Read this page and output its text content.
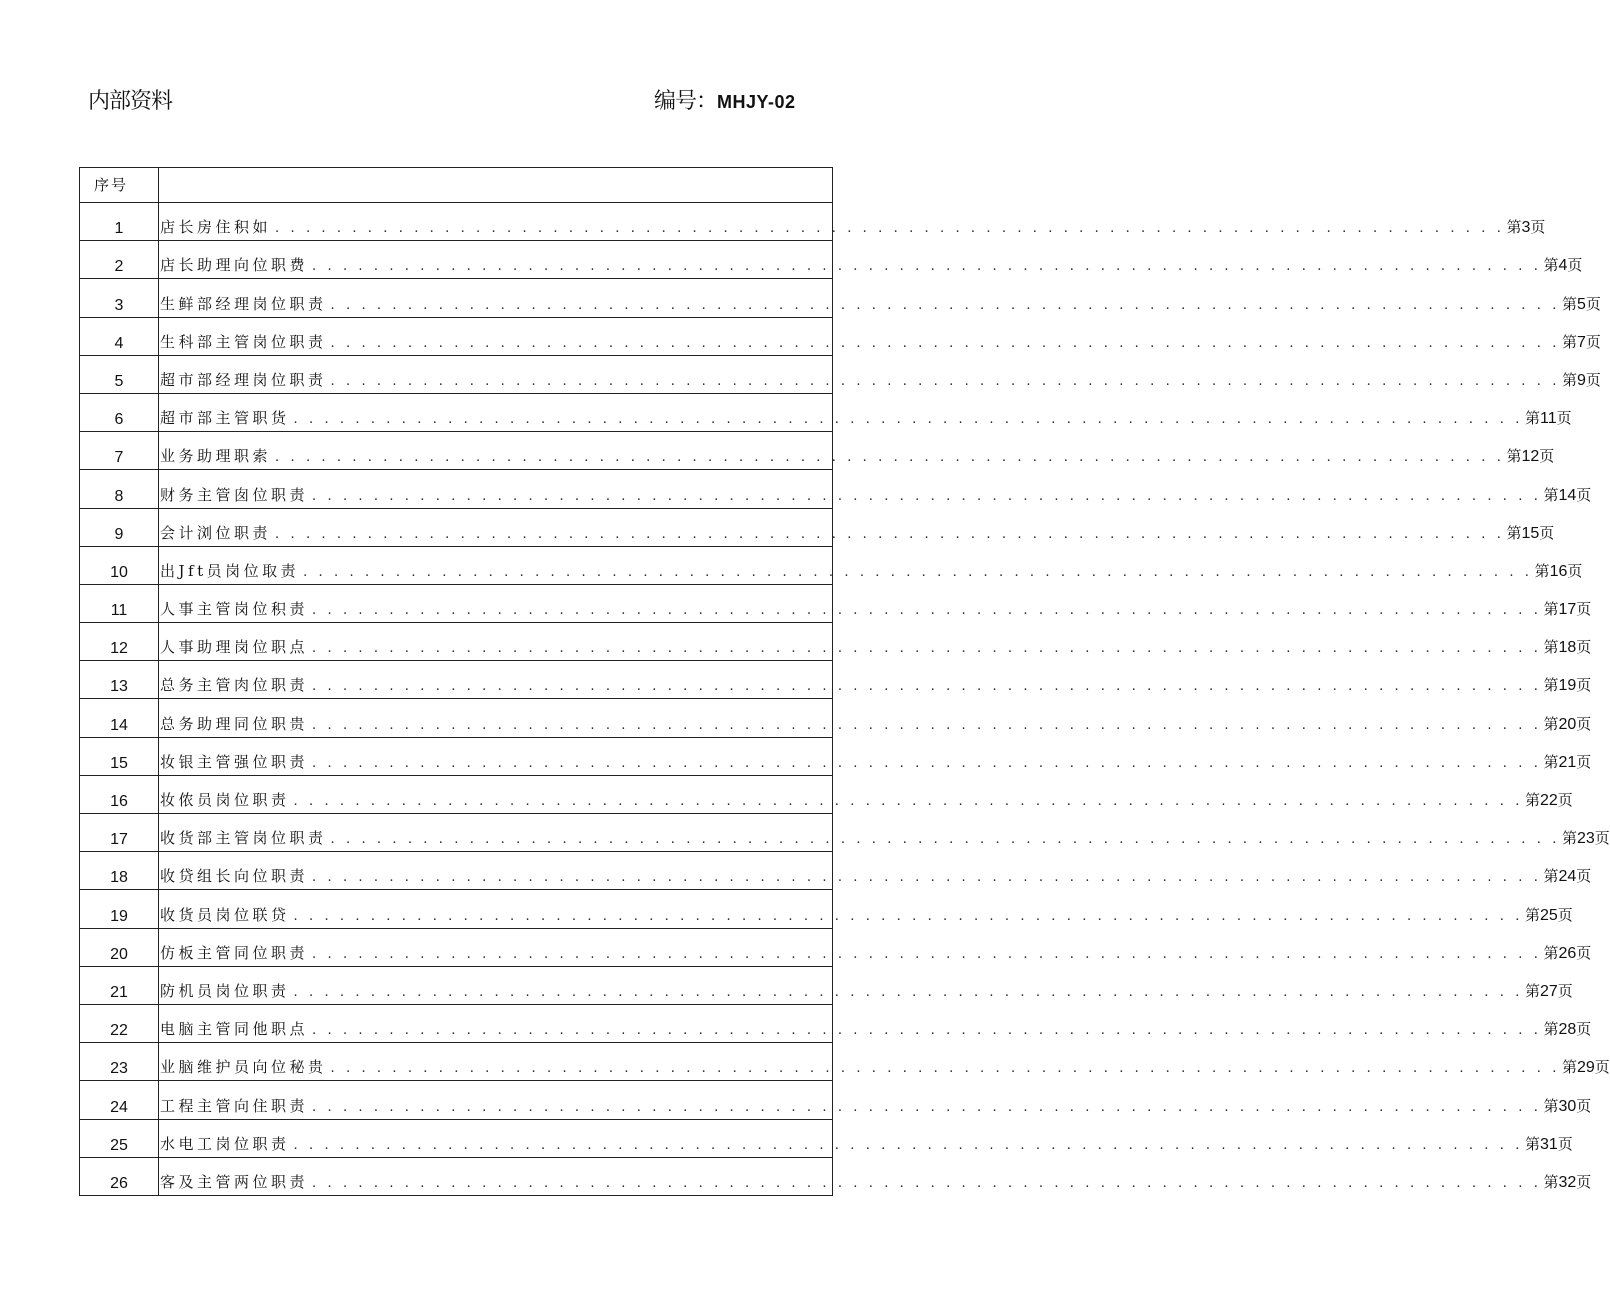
内部资料	编号：MHJY-02
序号	
1	店长房住积如 . . . . . . . . . . . . . . . . . . . . . . . . . . . . . . . . . . . . . . . . . . . . . . . . . . . . . . . . . . . . . . . . . . . . . . . . . . . . . . . . 第3页

2	店长助理向位职费 . . . . . . . . . . . . . . . . . . . . . . . . . . . . . . . . . . . . . . . . . . . . . . . . . . . . . . . . . . . . . . . . . . . . . . . . . . . . . . . . 第4页

3	生鲜部经理岗位职责 . . . . . . . . . . . . . . . . . . . . . . . . . . . . . . . . . . . . . . . . . . . . . . . . . . . . . . . . . . . . . . . . . . . . . . . . . . . . . . . . 第5页

4	生科部主管岗位职责 . . . . . . . . . . . . . . . . . . . . . . . . . . . . . . . . . . . . . . . . . . . . . . . . . . . . . . . . . . . . . . . . . . . . . . . . . . . . . . . . 第7页

5	超市部经理岗位职责 . . . . . . . . . . . . . . . . . . . . . . . . . . . . . . . . . . . . . . . . . . . . . . . . . . . . . . . . . . . . . . . . . . . . . . . . . . . . . . . . 第9页

6	超市部主管职货 . . . . . . . . . . . . . . . . . . . . . . . . . . . . . . . . . . . . . . . . . . . . . . . . . . . . . . . . . . . . . . . . . . . . . . . . . . . . . . . . 第11页

7	业务助理职索 . . . . . . . . . . . . . . . . . . . . . . . . . . . . . . . . . . . . . . . . . . . . . . . . . . . . . . . . . . . . . . . . . . . . . . . . . . . . . . . . 第12页

8	财务主管囱位职责 . . . . . . . . . . . . . . . . . . . . . . . . . . . . . . . . . . . . . . . . . . . . . . . . . . . . . . . . . . . . . . . . . . . . . . . . . . . . . . . . 第14页

9	会计浏位职责 . . . . . . . . . . . . . . . . . . . . . . . . . . . . . . . . . . . . . . . . . . . . . . . . . . . . . . . . . . . . . . . . . . . . . . . . . . . . . . . . 第15页

10	出Jft员岗位取责 . . . . . . . . . . . . . . . . . . . . . . . . . . . . . . . . . . . . . . . . . . . . . . . . . . . . . . . . . . . . . . . . . . . . . . . . . . . . . . . . 第16页

11	人事主管岗位积责 . . . . . . . . . . . . . . . . . . . . . . . . . . . . . . . . . . . . . . . . . . . . . . . . . . . . . . . . . . . . . . . . . . . . . . . . . . . . . . . . 第17页

12	人事助理岗位职点 . . . . . . . . . . . . . . . . . . . . . . . . . . . . . . . . . . . . . . . . . . . . . . . . . . . . . . . . . . . . . . . . . . . . . . . . . . . . . . . . 第18页

13	总务主管肉位职责 . . . . . . . . . . . . . . . . . . . . . . . . . . . . . . . . . . . . . . . . . . . . . . . . . . . . . . . . . . . . . . . . . . . . . . . . . . . . . . . . 第19页

14	总务助理同位职贵 . . . . . . . . . . . . . . . . . . . . . . . . . . . . . . . . . . . . . . . . . . . . . . . . . . . . . . . . . . . . . . . . . . . . . . . . . . . . . . . . 第20页

15	妆银主管强位职责 . . . . . . . . . . . . . . . . . . . . . . . . . . . . . . . . . . . . . . . . . . . . . . . . . . . . . . . . . . . . . . . . . . . . . . . . . . . . . . . . 第21页

16	妆侬员岗位职责 . . . . . . . . . . . . . . . . . . . . . . . . . . . . . . . . . . . . . . . . . . . . . . . . . . . . . . . . . . . . . . . . . . . . . . . . . . . . . . . . 第22页

17	收货部主管岗位职责 . . . . . . . . . . . . . . . . . . . . . . . . . . . . . . . . . . . . . . . . . . . . . . . . . . . . . . . . . . . . . . . . . . . . . . . . . . . . . . . . 第23页

18	收贷组长向位职责 . . . . . . . . . . . . . . . . . . . . . . . . . . . . . . . . . . . . . . . . . . . . . . . . . . . . . . . . . . . . . . . . . . . . . . . . . . . . . . . . 第24页

19	收货员岗位联贷 . . . . . . . . . . . . . . . . . . . . . . . . . . . . . . . . . . . . . . . . . . . . . . . . . . . . . . . . . . . . . . . . . . . . . . . . . . . . . . . . 第25页

20	仿板主管同位职责 . . . . . . . . . . . . . . . . . . . . . . . . . . . . . . . . . . . . . . . . . . . . . . . . . . . . . . . . . . . . . . . . . . . . . . . . . . . . . . . . 第26页

21	防机员岗位职责 . . . . . . . . . . . . . . . . . . . . . . . . . . . . . . . . . . . . . . . . . . . . . . . . . . . . . . . . . . . . . . . . . . . . . . . . . . . . . . . . 第27页

22	电脑主管同他职点 . . . . . . . . . . . . . . . . . . . . . . . . . . . . . . . . . . . . . . . . . . . . . . . . . . . . . . . . . . . . . . . . . . . . . . . . . . . . . . . . 第28页

23	业脑维护员向位秘贵 . . . . . . . . . . . . . . . . . . . . . . . . . . . . . . . . . . . . . . . . . . . . . . . . . . . . . . . . . . . . . . . . . . . . . . . . . . . . . . . . 第29页

24	工程主管向住职责 . . . . . . . . . . . . . . . . . . . . . . . . . . . . . . . . . . . . . . . . . . . . . . . . . . . . . . . . . . . . . . . . . . . . . . . . . . . . . . . . 第30页

25	水电工岗位职责 . . . . . . . . . . . . . . . . . . . . . . . . . . . . . . . . . . . . . . . . . . . . . . . . . . . . . . . . . . . . . . . . . . . . . . . . . . . . . . . . 第31页

26	客及主管两位职责 . . . . . . . . . . . . . . . . . . . . . . . . . . . . . . . . . . . . . . . . . . . . . . . . . . . . . . . . . . . . . . . . . . . . . . . . . . . . . . . . 第32页
